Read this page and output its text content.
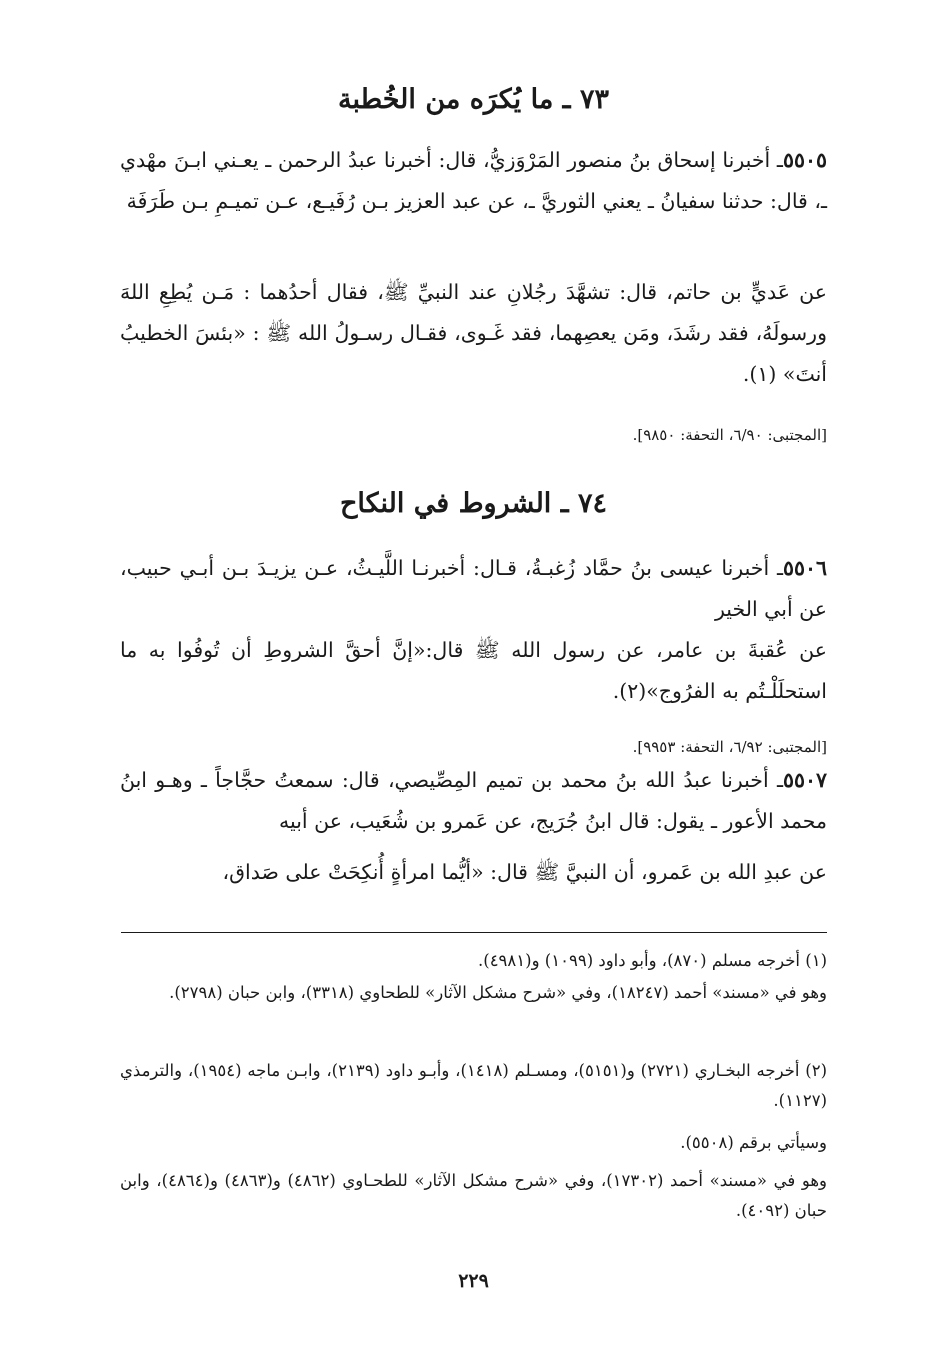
٧٣ ـ ما يُكرَه من الخُطبة

٥٥٠٥ـ أخبرنا إسحاق بنُ منصور المَرْوَزيُّ، قال: أخبرنا عبدُ الرحمن ـ يعـني ابـنَ مهْدي ـ، قال: حدثنا سفيانُ ـ يعني الثوريَّ ـ، عن عبد العزيز بـن رُفَيـع، عـن تميـمِ بـن طَرَفَة

عن عَديٍّ بن حاتم، قال: تشهَّدَ رجُلانِ عند النبيِّ ﷺ، فقال أحدُهما : مَـن يُطِعِ اللهَ ورسولَهُ، فقد رشَدَ، ومَن يعصِهما، فقد غَـوى، فقـال رسـولُ الله ﷺ : «بئسَ الخطيبُ أنتَ» (١).

[المجتبى: ٦/٩٠، التحفة: ٩٨٥٠].

٧٤ ـ الشروط في النكاح

٥٥٠٦ـ أخبرنا عيسى بنُ حمَّاد زُغبـةُ، قـال: أخبرنـا اللَّيـثُ، عـن يزيـدَ بـن أبـي حبيب، عن أبي الخير

عن عُقبةَ بن عامر، عن رسول الله ﷺ قال:«إنَّ أحقَّ الشروطِ أن تُوفُوا به ما استحلَلْـتُم به الفرُوج»(٢).

[المجتبى: ٦/٩٢، التحفة: ٩٩٥٣].

٥٥٠٧ـ أخبرنا عبدُ الله بنُ محمد بن تميم المِصِّيصي، قال: سمعتُ حجَّاجاً ـ وهـو ابنُ محمد الأعور ـ يقول: قال ابنُ جُرَيج، عن عَمرو بن شُعَيب، عن أبيه

عن عبدِ الله بن عَمرو، أن النبيَّ ﷺ قال: «أيُّما امرأةٍ أُنكِحَتْ على صَداق،

(١) أخرجه مسلم (٨٧٠)، وأبو داود (١٠٩٩) و(٤٩٨١).
وهو في «مسند» أحمد (١٨٢٤٧)، وفي «شرح مشكل الآثار» للطحاوي (٣٣١٨)، وابن حبان (٢٧٩٨).
(٢) أخرجه البخـاري (٢٧٢١) و(٥١٥١)، ومسـلم (١٤١٨)، وأبـو داود (٢١٣٩)، وابـن ماجه (١٩٥٤)، والترمذي (١١٢٧).
وسيأتي برقم (٥٥٠٨).
وهو في «مسند» أحمد (١٧٣٠٢)، وفي «شرح مشكل الآثار» للطحـاوي (٤٨٦٢) و(٤٨٦٣) و(٤٨٦٤)، وابن حبان (٤٠٩٢).
٢٢٩
